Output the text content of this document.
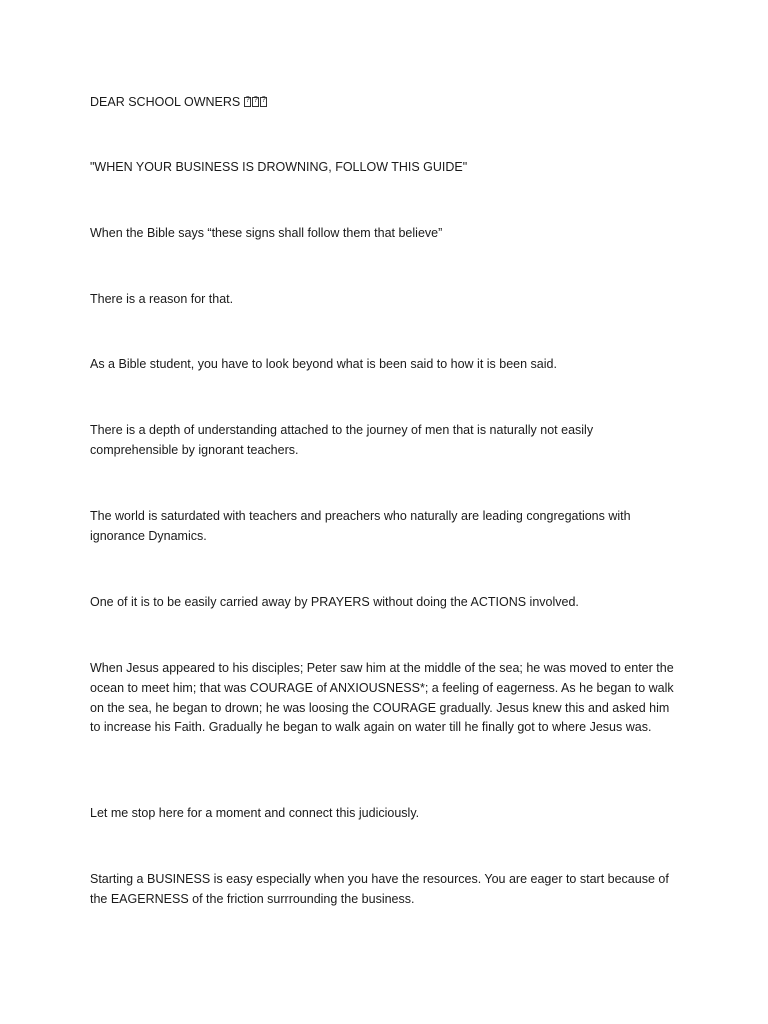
DEAR SCHOOL OWNERS???

"WHEN YOUR BUSINESS IS DROWNING, FOLLOW THIS GUIDE"

When the Bible says “these signs shall follow them that believe”

There is a reason for that.

As a Bible student, you have to look beyond what is been said to how it is been said.

There is a depth of understanding attached to the journey of men that is naturally not easily comprehensible by ignorant teachers.

The world is saturdated with teachers and preachers who naturally are leading congregations with ignorance Dynamics.

One of it is to be easily carried away by PRAYERS without doing the ACTIONS involved.

When Jesus appeared to his disciples; Peter saw him at the middle of the sea; he was moved to enter the ocean to meet him; that was COURAGE of ANXIOUSNESS*; a feeling of eagerness. As he began to walk on the sea, he began to drown; he was loosing the COURAGE gradually. Jesus knew this and asked him to increase his Faith. Gradually he began to walk again on water till he finally got to where Jesus was.

Let me stop here for a moment and connect this judiciously.

Starting a BUSINESS is easy especially when you have the resources. You are eager to start because of the EAGERNESS of the friction surrrounding the business.
